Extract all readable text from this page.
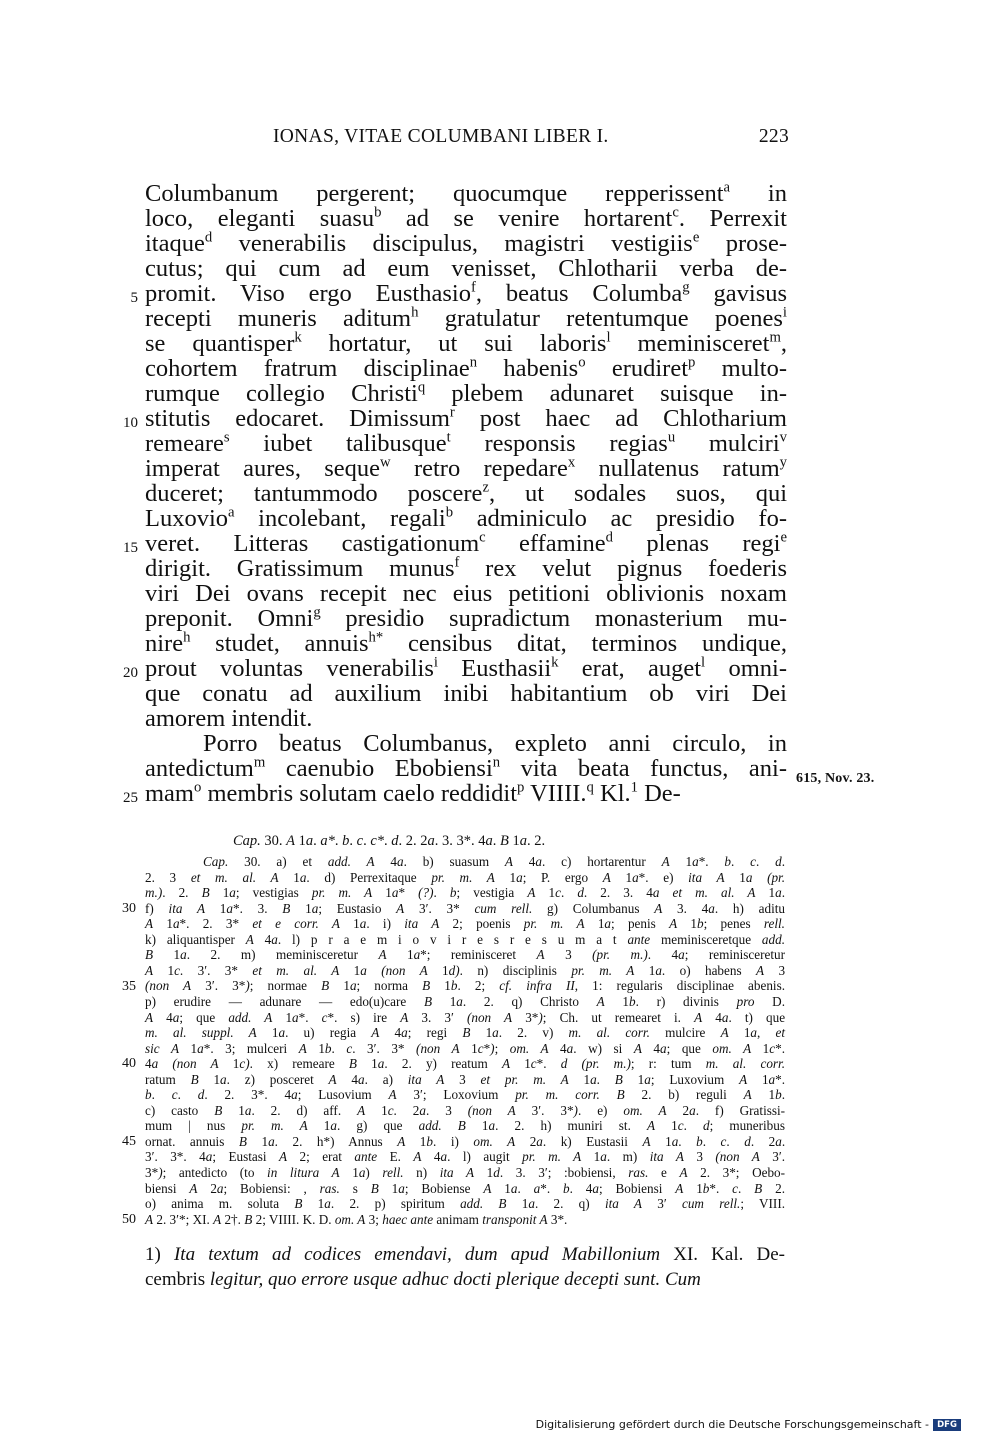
IONAS, VITAE COLUMBANI LIBER I.	223
Columbanum pergerent; quocumque repperissent$^a$ in
loco, eleganti suasu$^b$ ad se venire hortarent$^c$. Perrexit
itaque$^d$ venerabilis discipulus, magistri vestigiis$^e$ prose-
cutus; qui cum ad eum venisset, Chlotharii verba de-
promit. Viso ergo Eusthasio$^f$, beatus Columba$^g$ gavisus
recepti muneris aditum$^h$ gratulatur retentumque poenes$^i$
se quantisper$^k$ hortatur, ut sui laboris$^l$ meminisceret$^m$,
cohortem fratrum disciplinae$^n$ habenis$^o$ erudiret$^p$ multo-
rumque collegio Christi$^q$ plebem adunaret suisque in-
stitutis edocaret. Dimissum$^r$ post haec ad Chlotharium
remeare$^s$ iubet talibusque$^t$ responsis regias$^u$ mulciri$^v$
imperat aures, seque$^w$ retro repedare$^x$ nullatenus ratum$^y$
duceret; tantummodo poscere$^z$, ut sodales suos, qui
Luxovio$^a$ incolebant, regali$^b$ adminiculo ac presidio fo-
veret. Litteras castigationum$^c$ effamine$^d$ plenas regi$^e$
dirigit. Gratissimum munus$^f$ rex velut pignus foederis
viri Dei ovans recepit nec eius petitioni oblivionis noxam
preponit. Omni$^g$ presidio supradictum monasterium mu-
nire$^h$ studet, annuis$^{h*}$ censibus ditat, terminos undique,
prout voluntas venerabilis$^i$ Eusthasii$^k$ erat, auget$^l$ omni-
que conatu ad auxilium inibi habitantium ob viri Dei
amorem intendit.
Porro beatus Columbanus, expleto anni circulo, in
antedictum$^m$ caenubio Ebobiensi$^n$ vita beata functus, ani-
mam$^o$ membris solutam caelo reddidit$^p$ VIIII.$^q$ Kl.$^1$ De-
5
10
15
20
25
615, Nov. 23.
Cap. 30. A 1a. a*. b. c. c*. d. 2. 2a. 3. 3*. 4a. B 1a. 2.
Cap. 30. a) et add. A 4a. b) suasum A 4a. c) hortarentur A 1a*. b. c. d.
2. 3 et m. al. A 1a. d) Perrexitaque pr. m. A 1a; P. ergo A 1a*. e) ita A 1a (pr.
m.). 2. B 1a; vestigias pr. m. A 1a* (?). b; vestigia A 1c. d. 2. 3. 4a et m. al. A 1a.
f) ita A 1a*. 3. B 1a; Eustasio A 3′. 3* cum rell. g) Columbanus A 3. 4a. h) aditu
A 1a*. 2. 3* et e corr. A 1a. i) ita A 2; poenis pr. m. A 1a; penis A 1b; penes rell.
k) aliquantisper A 4a. l) p r a e m i o v i r e s r e s u m a t ante meminisceretque add.
B 1a. 2. m) meminisceretur A 1a*; reminisceret A 3 (pr. m.). 4a; reminisceretur
A 1c. 3′. 3* et m. al. A 1a (non A 1d). n) disciplinis pr. m. A 1a. o) habens A 3
(non A 3′. 3*); normae B 1a; norma B 1b. 2; cf. infra II, 1: regularis disciplinae abenis.
p) erudire — adunare — edo(u)care B 1a. 2. q) Christo A 1b. r) divinis pro D.
A 4a; que add. A 1a*. c*. s) ire A 3. 3′ (non A 3*); Ch. ut remearet i. A 4a. t) que
m. al. suppl. A 1a. u) regia A 4a; regi B 1a. 2. v) m. al. corr. mulcire A 1a, et
sic A 1a*. 3; mulceri A 1b. c. 3′. 3* (non A 1c*); om. A 4a. w) si A 4a; que om. A 1c*.
4a (non A 1c). x) remeare B 1a. 2. y) reatum A 1c*. d (pr. m.); r: tum m. al. corr.
ratum B 1a. z) posceret A 4a. a) ita A 3 et pr. m. A 1a. B 1a; Luxovium A 1a*.
b. c. d. 2. 3*. 4a; Lusovium A 3′; Loxovium pr. m. corr. B 2. b) reguli A 1b.
c) casto B 1a. 2. d) aff. A 1c. 2a. 3 (non A 3′. 3*). e) om. A 2a. f) Gratissi-
mum | nus pr. m. A 1a. g) que add. B 1a. 2. h) muniri st. A 1c. d; muneribus
ornat. annuis B 1a. 2. h*) Annus A 1b. i) om. A 2a. k) Eustasii A 1a. b. c. d. 2a.
3′. 3*. 4a; Eustasi A 2; erat ante E. A 4a. l) augit pr. m. A 1a. m) ita A 3 (non A 3′.
3*); antedicto (to in litura A 1a) rell. n) ita A 1d. 3. 3′; :bobiensi, ras. e A 2. 3*; Oebo-
biensi A 2a; Bobiensi: , ras. s B 1a; Bobiense A 1a. a*. b. 4a; Bobiensi A 1b*. c. B 2.
o) anima m. soluta B 1a. 2. p) spiritum add. B 1a. 2. q) ita A 3′ cum rell.; VIII.
A 2. 3′*; XI. A 2†. B 2; VIIII. K. D. om. A 3; haec ante animam transponit A 3*.
30
35
40
45
50
1) Ita textum ad codices emendavi, dum apud Mabillonium XI. Kal. De-
cembris legitur, quo errore usque adhuc docti plerique decepti sunt. Cum
Digitalisierung gefördert durch die Deutsche Forschungsgemeinschaft - DFG
